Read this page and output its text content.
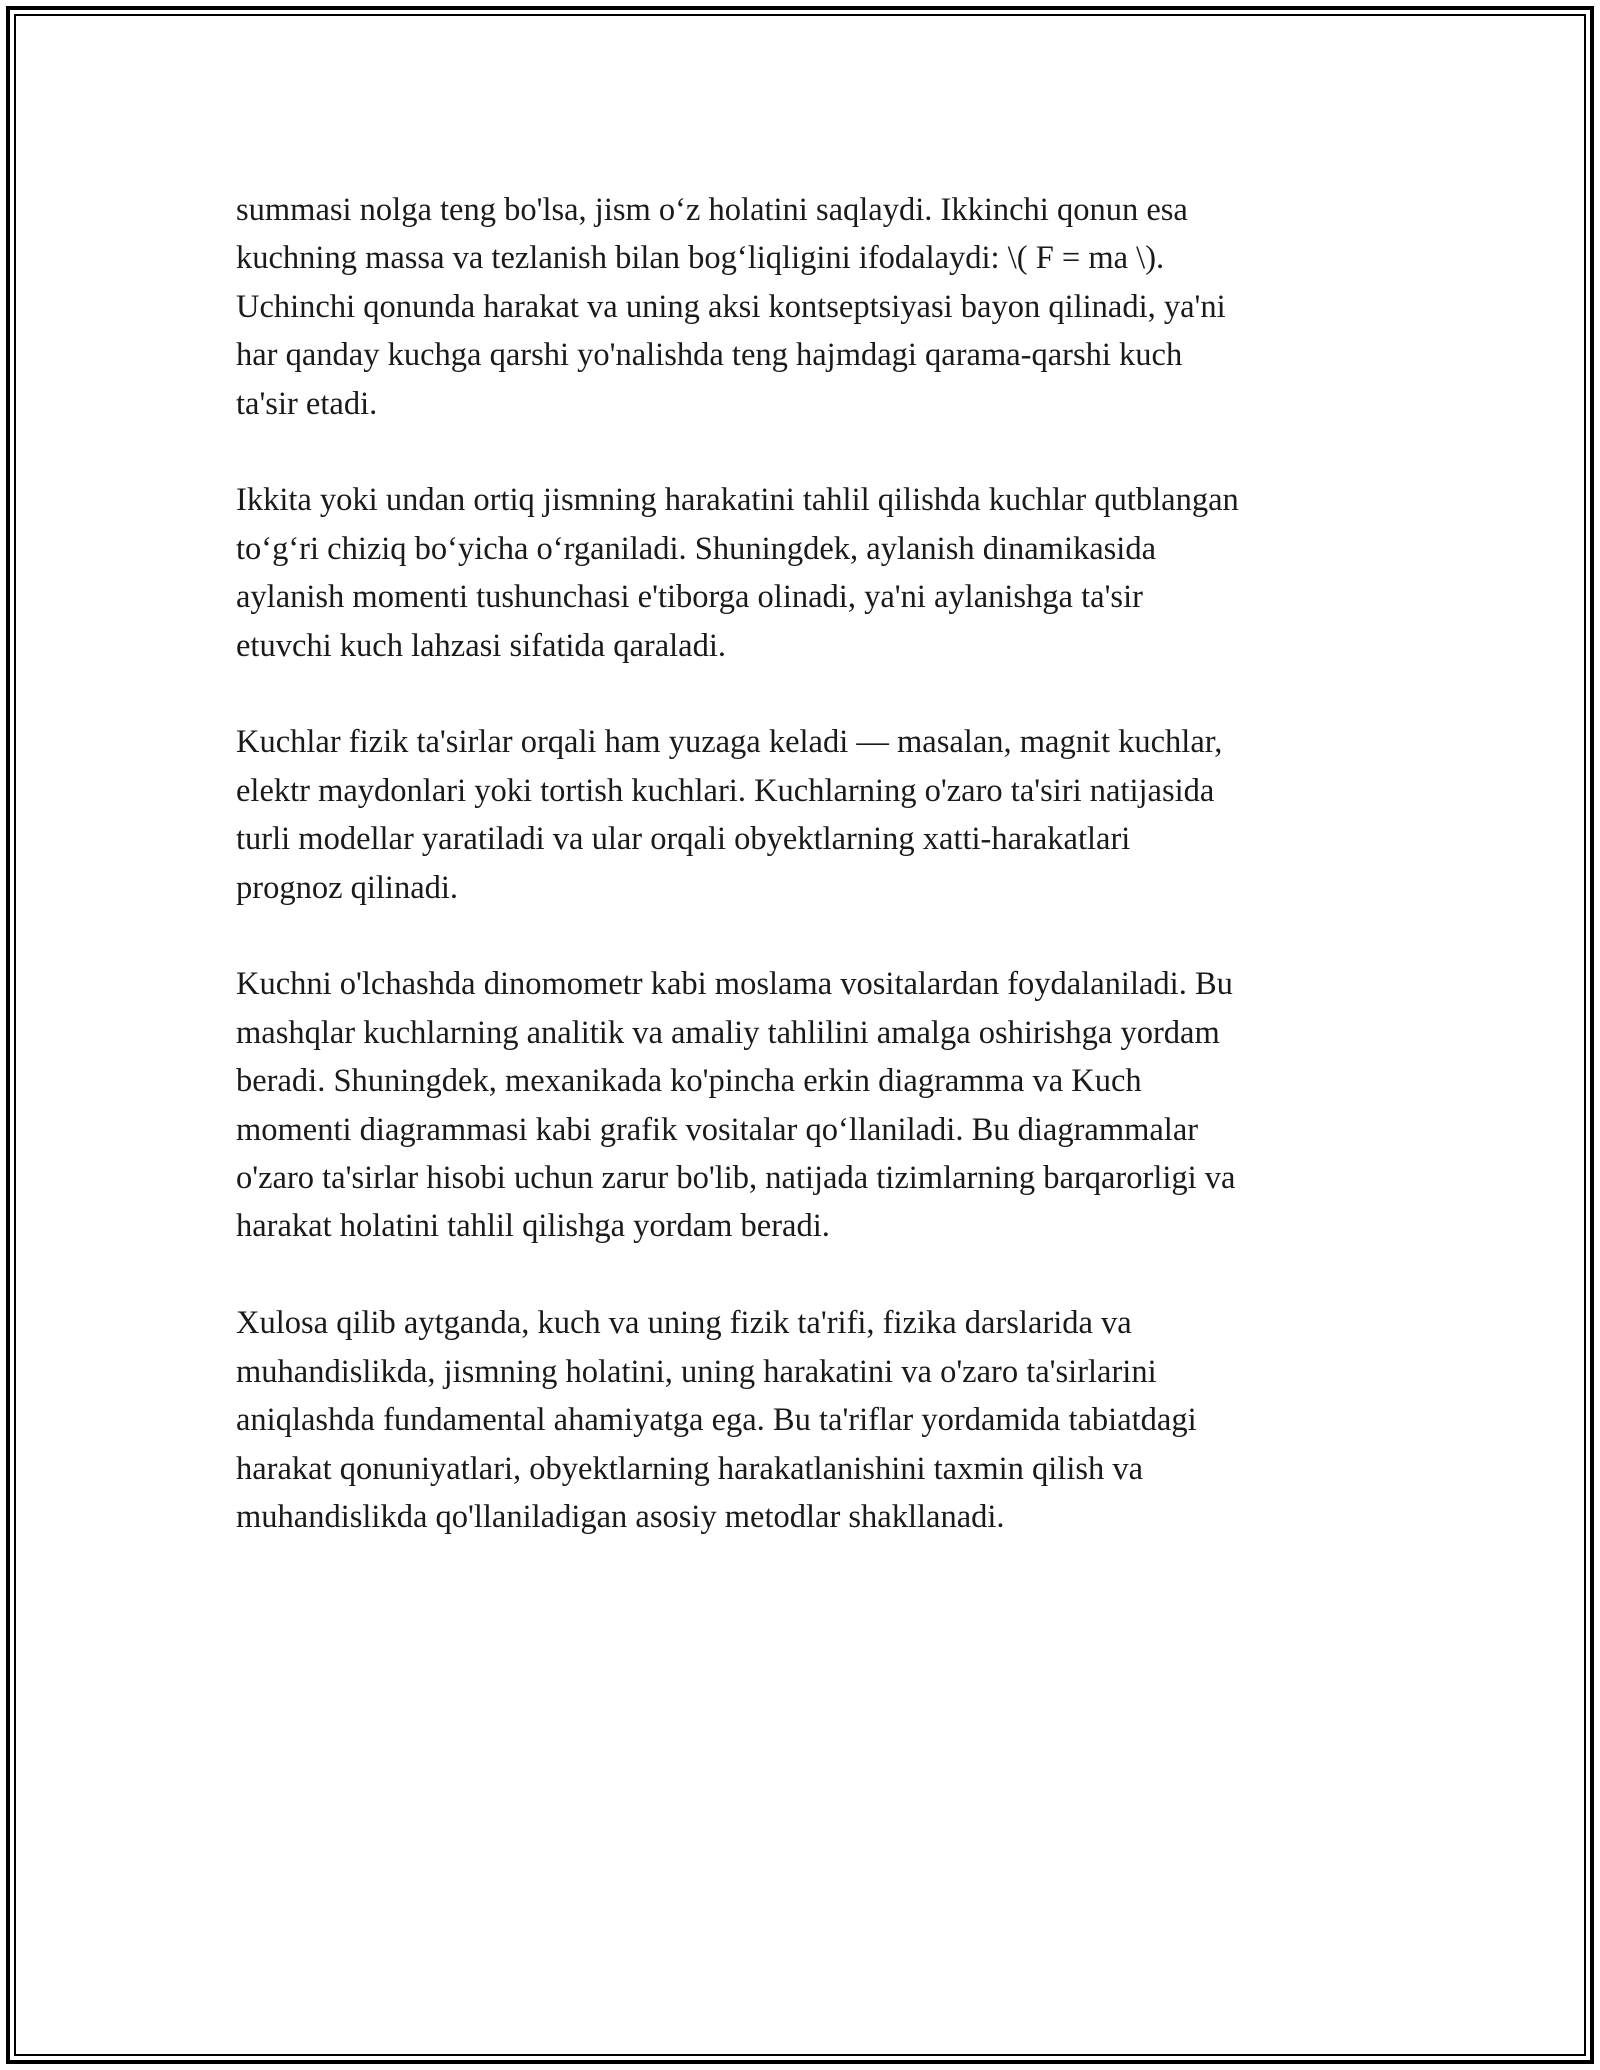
summasi nolga teng bo'lsa, jism o‘z holatini saqlaydi. Ikkinchi qonun esa
kuchning massa va tezlanish bilan bog‘liqligini ifodalaydi: \( F = ma \).
Uchinchi qonunda harakat va uning aksi kontseptsiyasi bayon qilinadi, ya'ni
har qanday kuchga qarshi yo'nalishda teng hajmdagi qarama-qarshi kuch
ta'sir etadi.

Ikkita yoki undan ortiq jismning harakatini tahlil qilishda kuchlar qutblangan
to‘g‘ri chiziq bo‘yicha o‘rganiladi. Shuningdek, aylanish dinamikasida
aylanish momenti tushunchasi e'tiborga olinadi, ya'ni aylanishga ta'sir
etuvchi kuch lahzasi sifatida qaraladi.

Kuchlar fizik ta'sirlar orqali ham yuzaga keladi — masalan, magnit kuchlar,
elektr maydonlari yoki tortish kuchlari. Kuchlarning o'zaro ta'siri natijasida
turli modellar yaratiladi va ular orqali obyektlarning xatti-harakatlari
prognoz qilinadi.

Kuchni o'lchashda dinomometr kabi moslama vositalardan foydalaniladi. Bu
mashqlar kuchlarning analitik va amaliy tahlilini amalga oshirishga yordam
beradi. Shuningdek, mexanikada ko'pincha erkin diagramma va Kuch
momenti diagrammasi kabi grafik vositalar qo‘llaniladi. Bu diagrammalar
o'zaro ta'sirlar hisobi uchun zarur bo'lib, natijada tizimlarning barqarorligi va
harakat holatini tahlil qilishga yordam beradi.

Xulosa qilib aytganda, kuch va uning fizik ta'rifi, fizika darslarida va
muhandislikda, jismning holatini, uning harakatini va o'zaro ta'sirlarini
aniqlashda fundamental ahamiyatga ega. Bu ta'riflar yordamida tabiatdagi
harakat qonuniyatlari, obyektlarning harakatlanishini taxmin qilish va
muhandislikda qo'llaniladigan asosiy metodlar shakllanadi.
